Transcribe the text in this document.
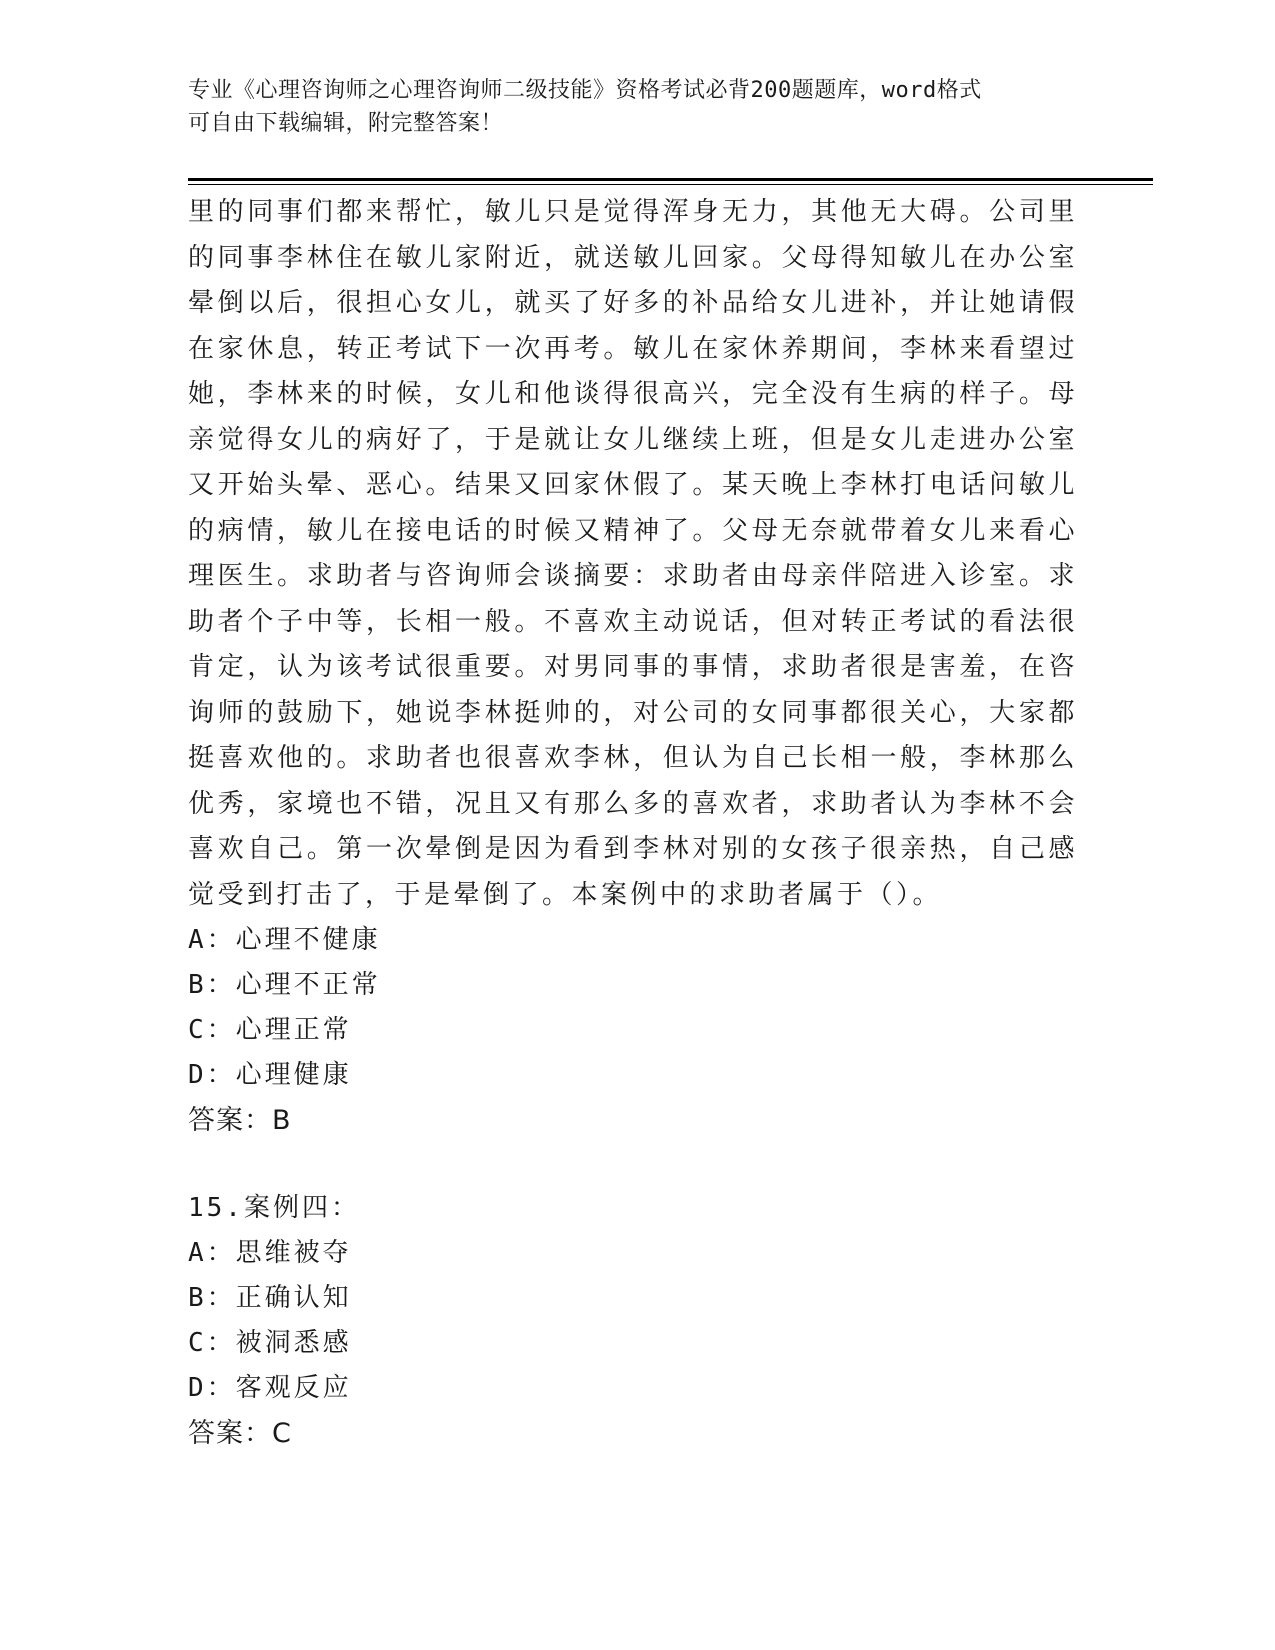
专业《心理咨询师之心理咨询师二级技能》资格考试必背200题题库，word格式
可自由下载编辑，附完整答案！

里的同事们都来帮忙，敏儿只是觉得浑身无力，其他无大碍。公司里的同事李林住在敏儿家附近，就送敏儿回家。父母得知敏儿在办公室晕倒以后，很担心女儿，就买了好多的补品给女儿进补，并让她请假在家休息，转正考试下一次再考。敏儿在家休养期间，李林来看望过她，李林来的时候，女儿和他谈得很高兴，完全没有生病的样子。母亲觉得女儿的病好了，于是就让女儿继续上班，但是女儿走进办公室又开始头晕、恶心。结果又回家休假了。某天晚上李林打电话问敏儿的病情，敏儿在接电话的时候又精神了。父母无奈就带着女儿来看心理医生。求助者与咨询师会谈摘要：求助者由母亲伴陪进入诊室。求助者个子中等，长相一般。不喜欢主动说话，但对转正考试的看法很肯定，认为该考试很重要。对男同事的事情，求助者很是害羞，在咨询师的鼓励下，她说李林挺帅的，对公司的女同事都很关心，大家都挺喜欢他的。求助者也很喜欢李林，但认为自己长相一般，李林那么优秀，家境也不错，况且又有那么多的喜欢者，求助者认为李林不会喜欢自己。第一次晕倒是因为看到李林对别的女孩子很亲热，自己感觉受到打击了，于是晕倒了。本案例中的求助者属于（）。

A：心理不健康
B：心理不正常
C：心理正常
D：心理健康
答案：B
15.案例四：
A：思维被夺
B：正确认知
C：被洞悉感
D：客观反应
答案：C
